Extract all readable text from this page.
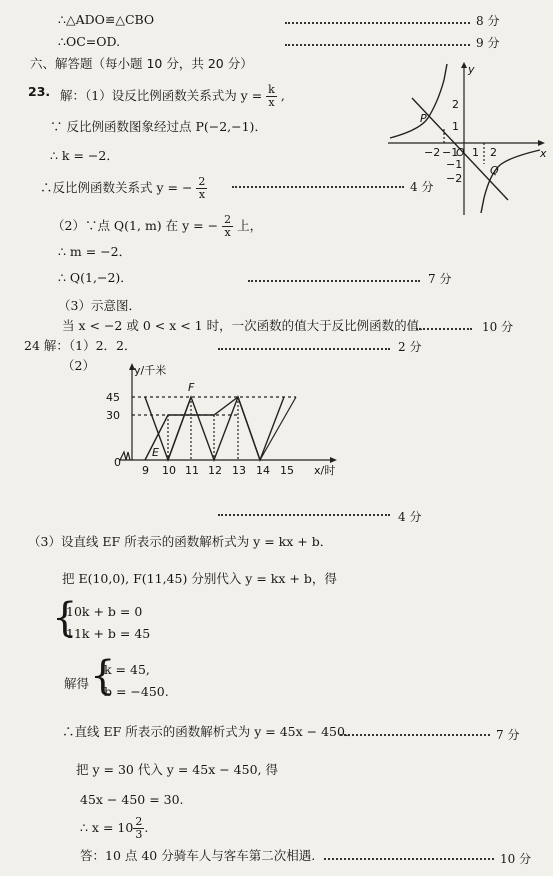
∴△ADO≌△CBO	8 分
∴OC=OD.	9 分
六、解答题（每小题 10 分，共 20 分）
23. 解：（1）设反比例函数关系式为 $y = \frac{k}{x}$ ,
∵ 反比例函数图象经过点 P(−2,−1)．
∴ k = −2．
∴反比例函数关系式 y = − $\frac{2}{x}$	4 分
（2）∵点 Q(1, m) 在 y = − $\frac{2}{x}$ 上，
∴ m = −2．
∴ Q(1,−2)．	7 分
（3）示意图．
当 x < −2 或 0 < x < 1 时，一次函数的值大于反比例函数的值．	10 分
24 解：（1）2．2．	2 分
（2）
4 分
（3）设直线 EF 所表示的函数解析式为 y = kx + b．
把 E(10,0), F(11,45) 分别代入 y = kx + b，得
{
10k + b = 0
11k + b = 45
解得 {
k = 45,
b = −450.
∴直线 EF 所表示的函数解析式为 y = 45x − 450．	7 分
把 y = 30 代入 y = 45x − 450, 得
45x − 450 = 30.
∴ $x = 10 \frac{2}{3}$ .
答：10 点 40 分骑车人与客车第二次相遇.	10 分
y
x
−2 −1
O 1 2
2
1
−1
−2
P
Q
y/千米
x/时
0
45
30
9 10 11 12 13 14 15
E
F
